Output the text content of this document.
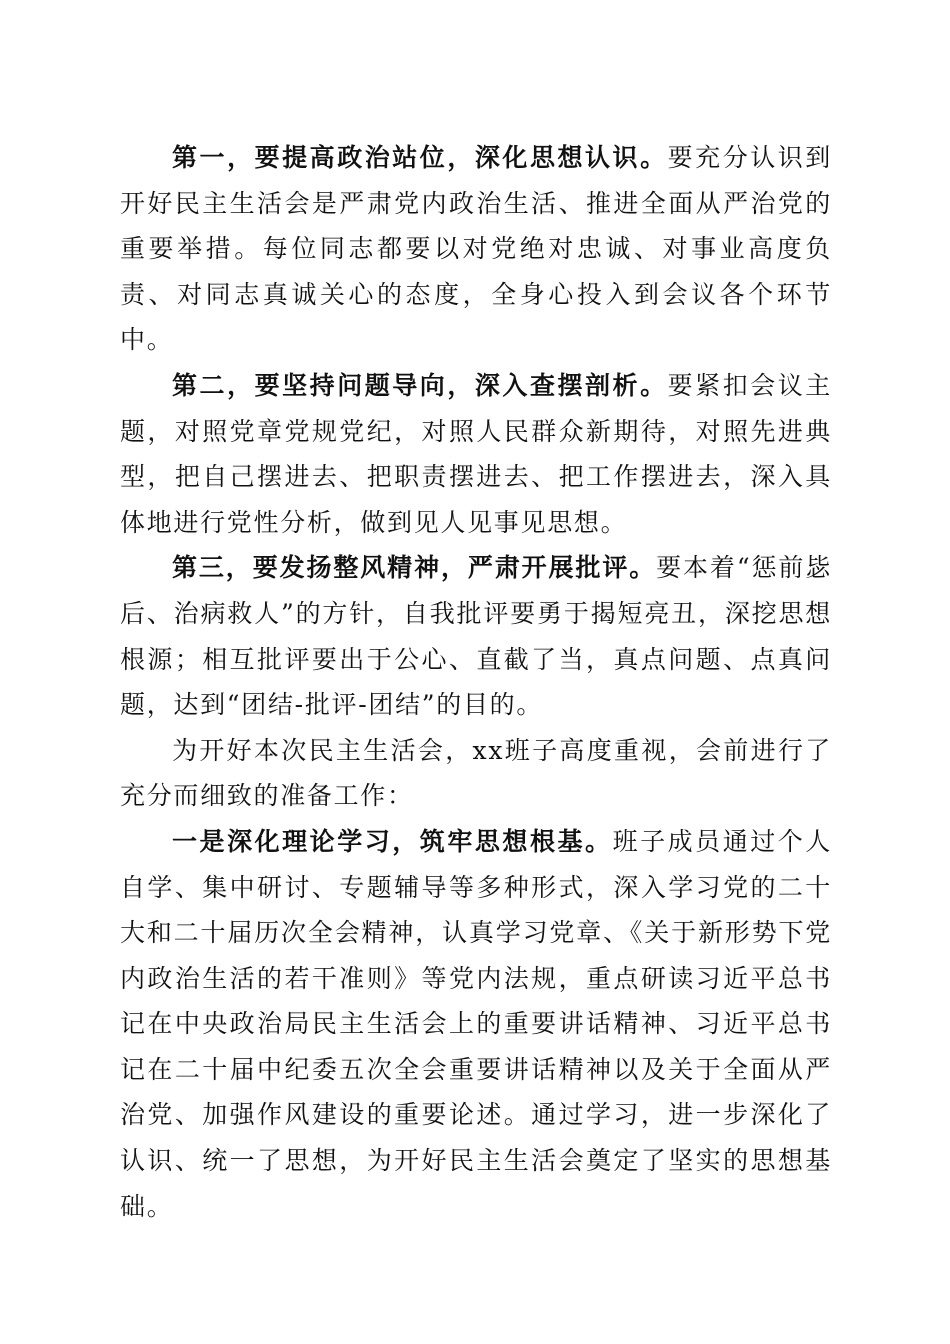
第一，要提高政治站位，深化思想认识。要充分认识到开好民主生活会是严肃党内政治生活、推进全面从严治党的重要举措。每位同志都要以对党绝对忠诚、对事业高度负责、对同志真诚关心的态度，全身心投入到会议各个环节中。

第二，要坚持问题导向，深入查摆剖析。要紧扣会议主题，对照党章党规党纪，对照人民群众新期待，对照先进典型，把自己摆进去、把职责摆进去、把工作摆进去，深入具体地进行党性分析，做到见人见事见思想。

第三，要发扬整风精神，严肃开展批评。要本着“惩前毖后、治病救人”的方针，自我批评要勇于揭短亮丑，深挖思想根源；相互批评要出于公心、直截了当，真点问题、点真问题，达到“团结-批评-团结”的目的。

为开好本次民主生活会，xx班子高度重视，会前进行了充分而细致的准备工作：

一是深化理论学习，筑牢思想根基。班子成员通过个人自学、集中研讨、专题辅导等多种形式，深入学习党的二十大和二十届历次全会精神，认真学习党章、《关于新形势下党内政治生活的若干准则》等党内法规，重点研读习近平总书记在中央政治局民主生活会上的重要讲话精神、习近平总书记在二十届中纪委五次全会重要讲话精神以及关于全面从严治党、加强作风建设的重要论述。通过学习，进一步深化了认识、统一了思想，为开好民主生活会奠定了坚实的思想基础。
